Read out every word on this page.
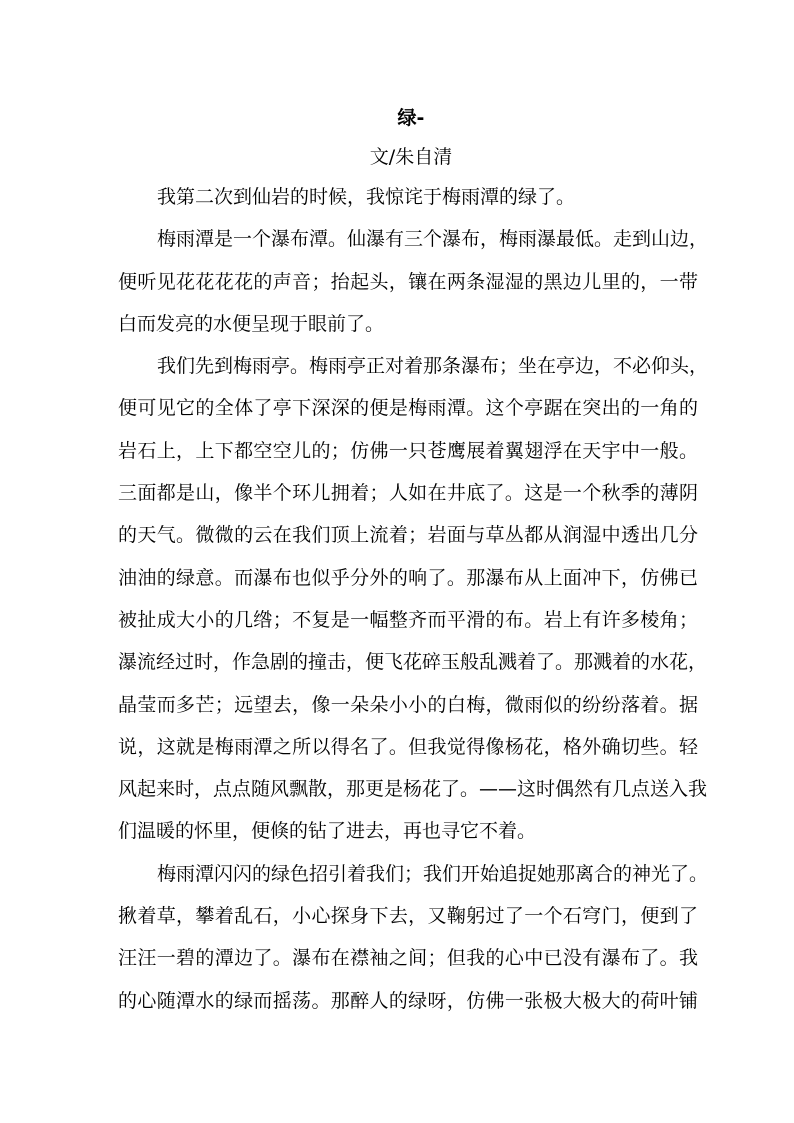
绿-
文/朱自清
我第二次到仙岩的时候，我惊诧于梅雨潭的绿了。
梅雨潭是一个瀑布潭。仙瀑有三个瀑布，梅雨瀑最低。走到山边，
便听见花花花花的声音；抬起头，镶在两条湿湿的黑边儿里的，一带
白而发亮的水便呈现于眼前了。
我们先到梅雨亭。梅雨亭正对着那条瀑布；坐在亭边，不必仰头，
便可见它的全体了亭下深深的便是梅雨潭。这个亭踞在突出的一角的
岩石上，上下都空空儿的；仿佛一只苍鹰展着翼翅浮在天宇中一般。
三面都是山，像半个环儿拥着；人如在井底了。这是一个秋季的薄阴
的天气。微微的云在我们顶上流着；岩面与草丛都从润湿中透出几分
油油的绿意。而瀑布也似乎分外的响了。那瀑布从上面冲下，仿佛已
被扯成大小的几绺；不复是一幅整齐而平滑的布。岩上有许多棱角；
瀑流经过时，作急剧的撞击，便飞花碎玉般乱溅着了。那溅着的水花，
晶莹而多芒；远望去，像一朵朵小小的白梅，微雨似的纷纷落着。据
说，这就是梅雨潭之所以得名了。但我觉得像杨花，格外确切些。轻
风起来时，点点随风飘散，那更是杨花了。——这时偶然有几点送入我
们温暖的怀里，便倏的钻了进去，再也寻它不着。
梅雨潭闪闪的绿色招引着我们；我们开始追捉她那离合的神光了。
揪着草，攀着乱石，小心探身下去，又鞠躬过了一个石穹门，便到了
汪汪一碧的潭边了。瀑布在襟袖之间；但我的心中已没有瀑布了。我
的心随潭水的绿而摇荡。那醉人的绿呀，仿佛一张极大极大的荷叶铺
